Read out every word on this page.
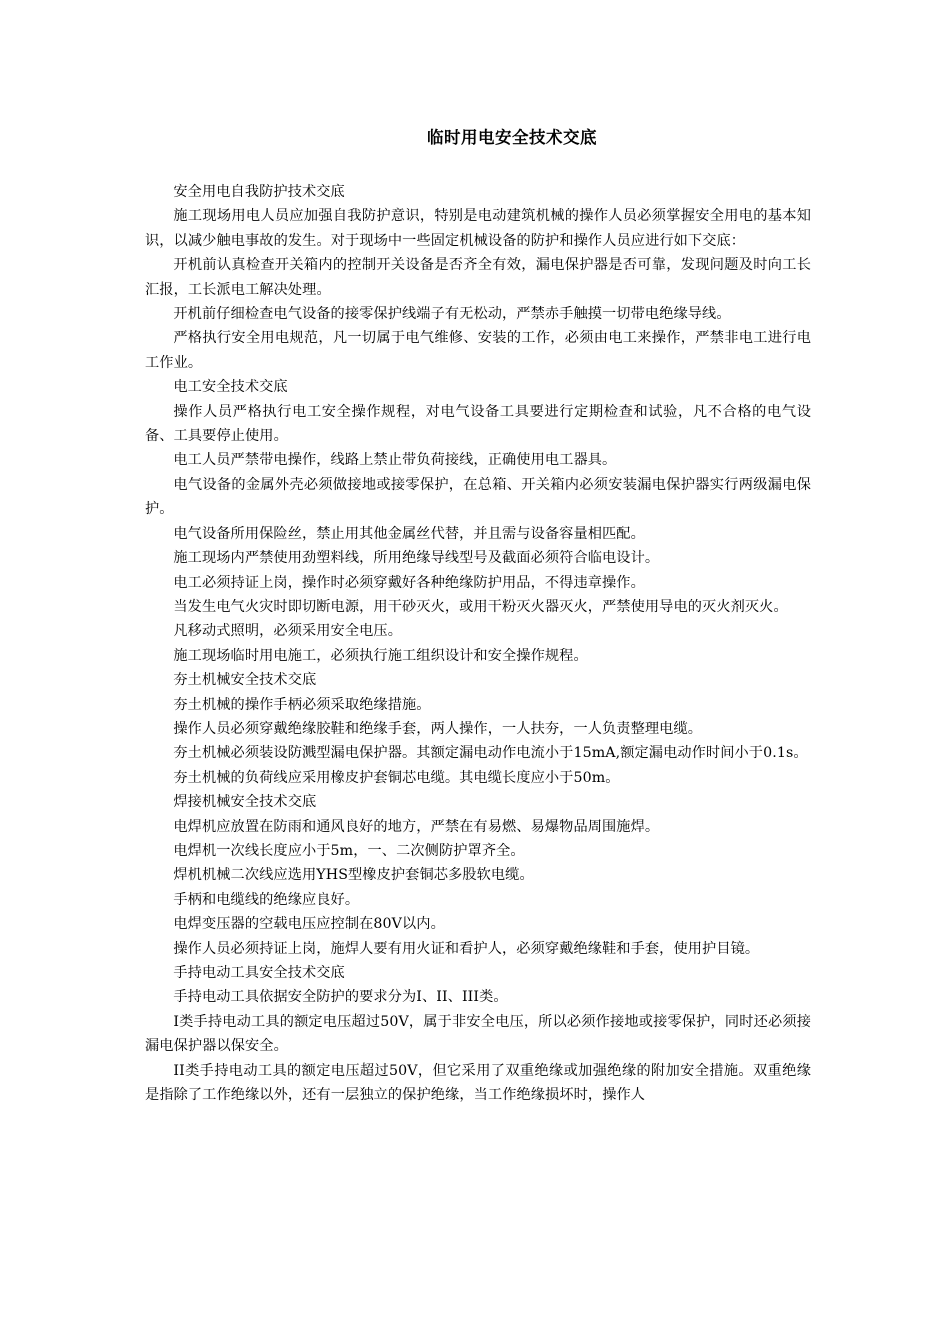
临时用电安全技术交底

安全用电自我防护技术交底

施工现场用电人员应加强自我防护意识，特别是电动建筑机械的操作人员必须掌握安全用电的基本知识，以减少触电事故的发生。对于现场中一些固定机械设备的防护和操作人员应进行如下交底：

开机前认真检查开关箱内的控制开关设备是否齐全有效，漏电保护器是否可靠，发现问题及时向工长汇报，工长派电工解决处理。

开机前仔细检查电气设备的接零保护线端子有无松动，严禁赤手触摸一切带电绝缘导线。

严格执行安全用电规范，凡一切属于电气维修、安装的工作，必须由电工来操作，严禁非电工进行电工作业。

电工安全技术交底

操作人员严格执行电工安全操作规程，对电气设备工具要进行定期检查和试验，凡不合格的电气设备、工具要停止使用。

电工人员严禁带电操作，线路上禁止带负荷接线，正确使用电工器具。

电气设备的金属外壳必须做接地或接零保护，在总箱、开关箱内必须安装漏电保护器实行两级漏电保护。

电气设备所用保险丝，禁止用其他金属丝代替，并且需与设备容量相匹配。

施工现场内严禁使用劲塑料线，所用绝缘导线型号及截面必须符合临电设计。

电工必须持证上岗，操作时必须穿戴好各种绝缘防护用品，不得违章操作。

当发生电气火灾时即切断电源，用干砂灭火，或用干粉灭火器灭火，严禁使用导电的灭火剂灭火。

凡移动式照明，必须采用安全电压。

施工现场临时用电施工，必须执行施工组织设计和安全操作规程。

夯土机械安全技术交底

夯土机械的操作手柄必须采取绝缘措施。

操作人员必须穿戴绝缘胶鞋和绝缘手套，两人操作，一人扶夯，一人负责整理电缆。

夯土机械必须装设防溅型漏电保护器。其额定漏电动作电流小于15mA,额定漏电动作时间小于0.1s。

夯土机械的负荷线应采用橡皮护套铜芯电缆。其电缆长度应小于50m。

焊接机械安全技术交底

电焊机应放置在防雨和通风良好的地方，严禁在有易燃、易爆物品周围施焊。

电焊机一次线长度应小于5m，一、二次侧防护罩齐全。

焊机机械二次线应选用YHS型橡皮护套铜芯多股软电缆。

手柄和电缆线的绝缘应良好。

电焊变压器的空载电压应控制在80V以内。

操作人员必须持证上岗，施焊人要有用火证和看护人，必须穿戴绝缘鞋和手套，使用护目镜。

手持电动工具安全技术交底

手持电动工具依据安全防护的要求分为I、II、III类。

I类手持电动工具的额定电压超过50V，属于非安全电压，所以必须作接地或接零保护，同时还必须接漏电保护器以保安全。

II类手持电动工具的额定电压超过50V，但它采用了双重绝缘或加强绝缘的附加安全措施。双重绝缘是指除了工作绝缘以外，还有一层独立的保护绝缘，当工作绝缘损坏时，操作人
